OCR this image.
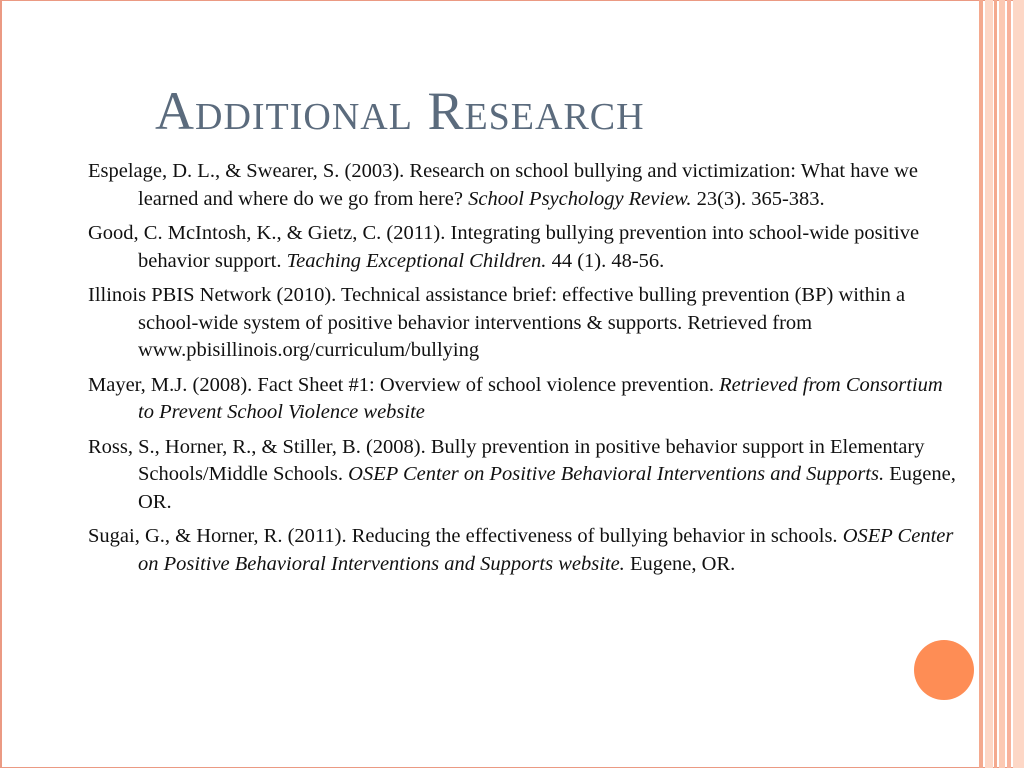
Additional Research
Espelage, D. L., & Swearer, S. (2003). Research on school bullying and victimization: What have we learned and where do we go from here? School Psychology Review. 23(3). 365-383.
Good, C. McIntosh, K., & Gietz, C. (2011). Integrating bullying prevention into school-wide positive behavior support. Teaching Exceptional Children. 44 (1). 48-56.
Illinois PBIS Network (2010). Technical assistance brief: effective bulling prevention (BP) within a school-wide system of positive behavior interventions & supports. Retrieved from www.pbisillinois.org/curriculum/bullying
Mayer, M.J. (2008). Fact Sheet #1: Overview of school violence prevention. Retrieved from Consortium to Prevent School Violence website
Ross, S., Horner, R., & Stiller, B. (2008). Bully prevention in positive behavior support in Elementary Schools/Middle Schools. OSEP Center on Positive Behavioral Interventions and Supports. Eugene, OR.
Sugai, G., & Horner, R. (2011). Reducing the effectiveness of bullying behavior in schools. OSEP Center on Positive Behavioral Interventions and Supports website. Eugene, OR.
